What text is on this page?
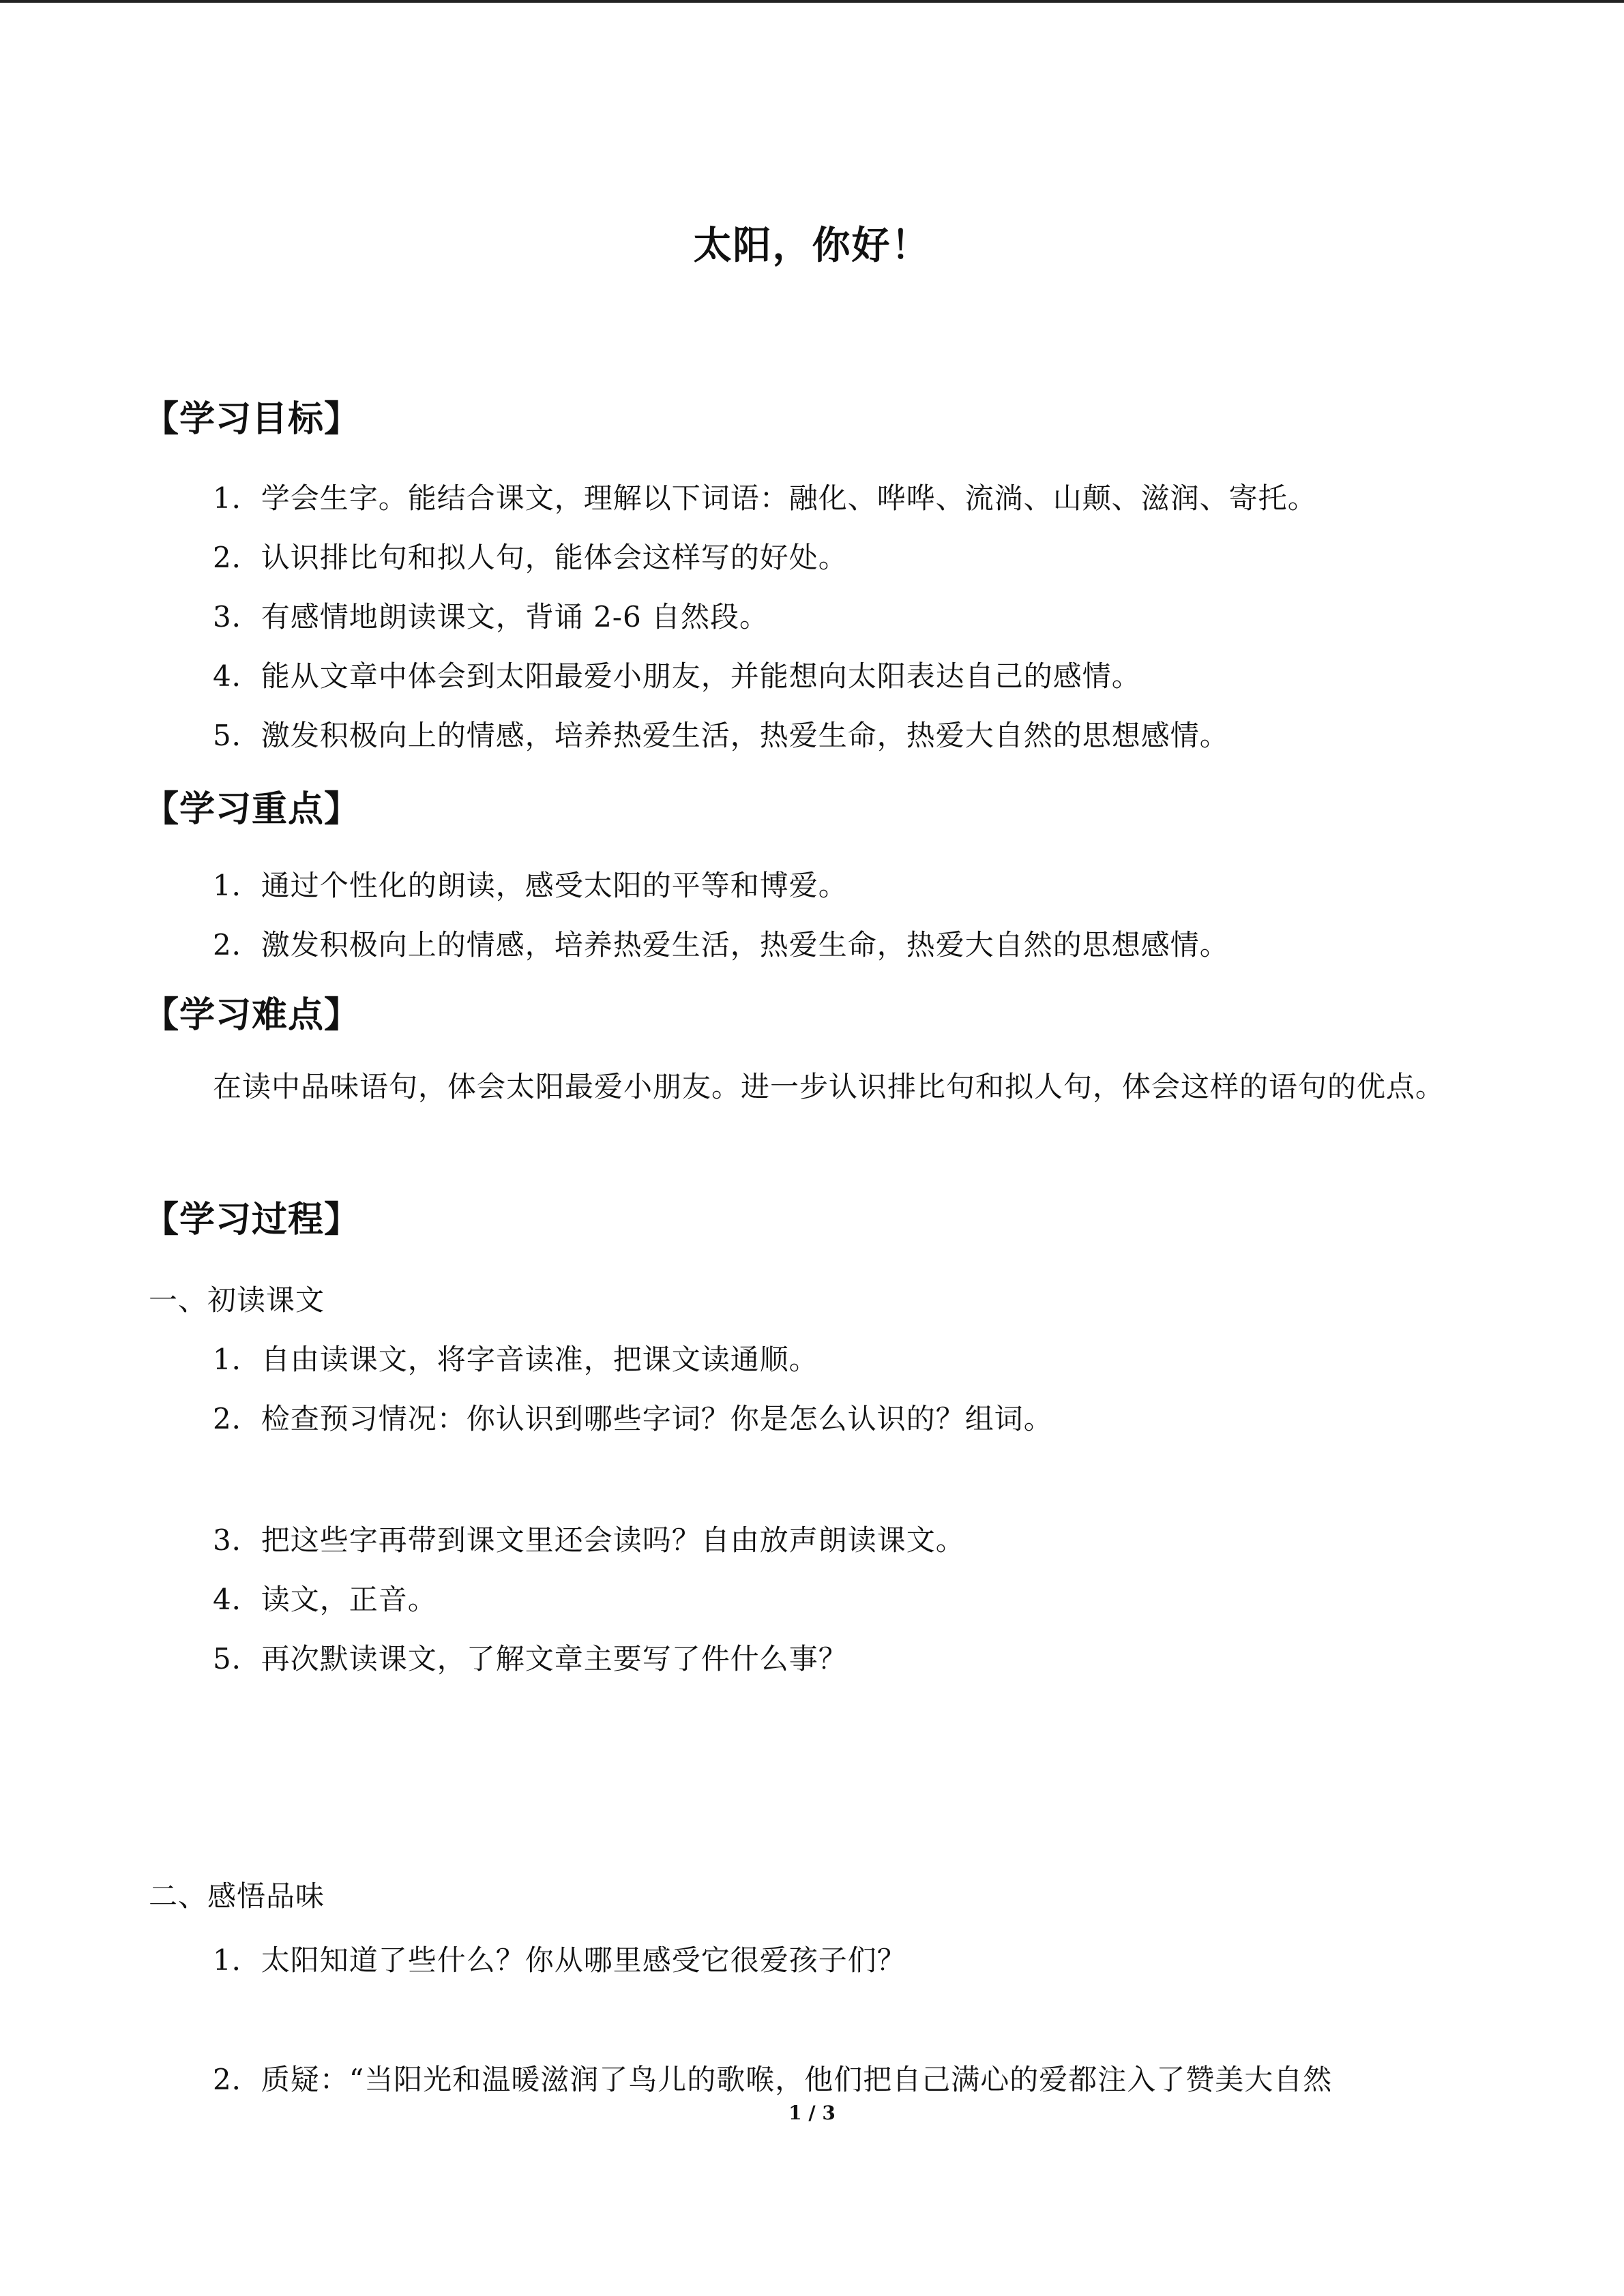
太阳，你好！
【学习目标】
1．学会生字。能结合课文，理解以下词语：融化、哗哗、流淌、山颠、滋润、寄托。
2．认识排比句和拟人句，能体会这样写的好处。
3．有感情地朗读课文，背诵 2-6 自然段。
4．能从文章中体会到太阳最爱小朋友，并能想向太阳表达自己的感情。
5．激发积极向上的情感，培养热爱生活，热爱生命，热爱大自然的思想感情。
【学习重点】
1．通过个性化的朗读，感受太阳的平等和博爱。
2．激发积极向上的情感，培养热爱生活，热爱生命，热爱大自然的思想感情。
【学习难点】
在读中品味语句，体会太阳最爱小朋友。进一步认识排比句和拟人句，体会这样的语句的优点。
【学习过程】
一、初读课文
1．自由读课文，将字音读准，把课文读通顺。
2．检查预习情况：你认识到哪些字词？你是怎么认识的？组词。
3．把这些字再带到课文里还会读吗？自由放声朗读课文。
4．读文，正音。
5．再次默读课文，了解文章主要写了件什么事？
二、感悟品味
1．太阳知道了些什么？你从哪里感受它很爱孩子们？
2．质疑：“当阳光和温暖滋润了鸟儿的歌喉，他们把自己满心的爱都注入了赞美大自然
1 / 3
